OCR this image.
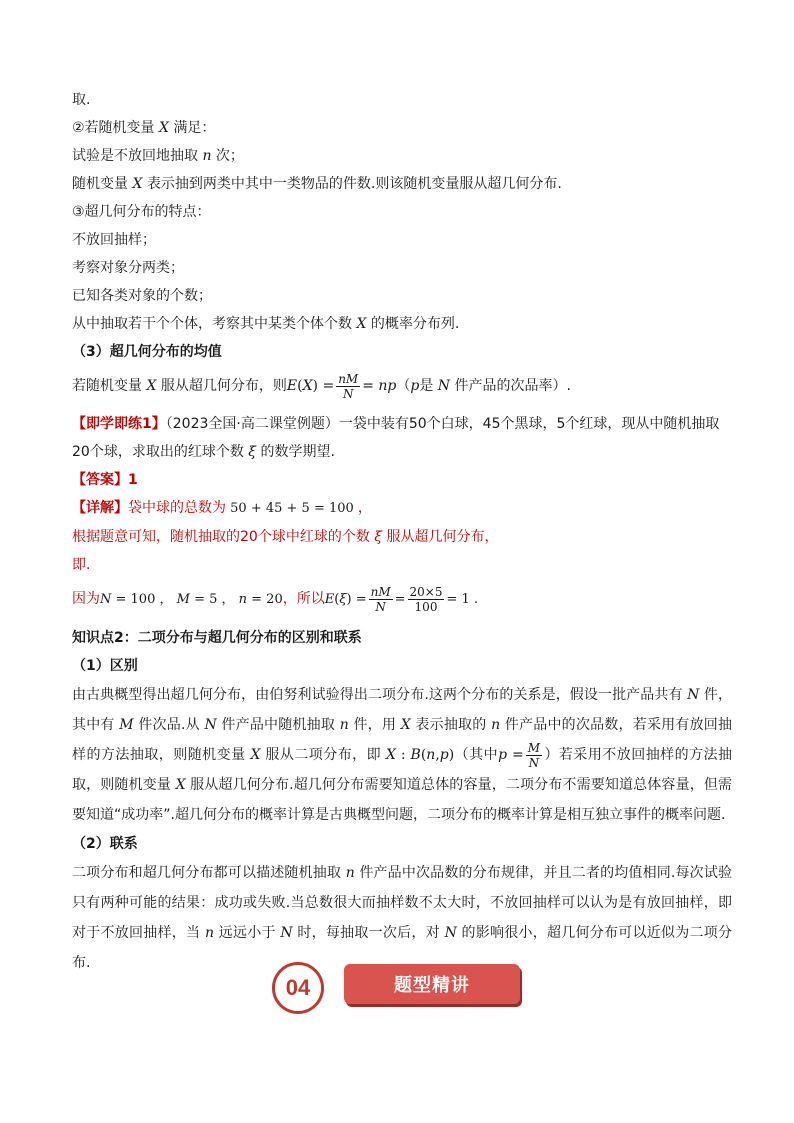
取.
②若随机变量 X 满足：
试验是不放回地抽取 n 次；
随机变量 X 表示抽到两类中其中一类物品的件数.则该随机变量服从超几何分布.
③超几何分布的特点：
不放回抽样；
考察对象分两类；
已知各类对象的个数；
从中抽取若干个个体，考察其中某类个体个数 X 的概率分布列.
（3）超几何分布的均值
若随机变量 X 服从超几何分布，则$E(X) = \frac{nM}{N} = np(p$是 N 件产品的次品率）.
【即学即练1】（2023全国·高二课堂例题）一袋中装有50个白球，45个黑球，5个红球，现从中随机抽取
20个球，求取出的红球个数 ξ 的数学期望.
【答案】1
【详解】袋中球的总数为 50 + 45 + 5 = 100 ，
根据题意可知，随机抽取的20个球中红球的个数 ξ 服从超几何分布，
即.
因为N = 100 ， M = 5 ， n = 20，所以$E(\xi) = \frac{nM}{N} = \frac{20\times 5}{100} = 1$ .
知识点2：二项分布与超几何分布的区别和联系
（1）区别
由古典概型得出超几何分布，由伯努利试验得出二项分布.这两个分布的关系是，假设一批产品共有 N 件，其中有 M 件次品.从 N 件产品中随机抽取 n 件，用 X 表示抽取的 n 件产品中的次品数，若采用有放回抽样的方法抽取，则随机变量 X 服从二项分布，即 X : B(n,p)（其中$p = \frac{M}{N}$ ）若采用不放回抽样的方法抽取，则随机变量 X 服从超几何分布.超几何分布需要知道总体的容量，二项分布不需要知道总体容量，但需要知道“成功率”.超几何分布的概率计算是古典概型问题，二项分布的概率计算是相互独立事件的概率问题.
（2）联系
二项分布和超几何分布都可以描述随机抽取 n 件产品中次品数的分布规律，并且二者的均值相同.每次试验只有两种可能的结果：成功或失败.当总数很大而抽样数不太大时，不放回抽样可以认为是有放回抽样，即对于不放回抽样，当 n 远远小于 N 时，每抽取一次后，对 N 的影响很小，超几何分布可以近似为二项分布.
04	题型精讲
